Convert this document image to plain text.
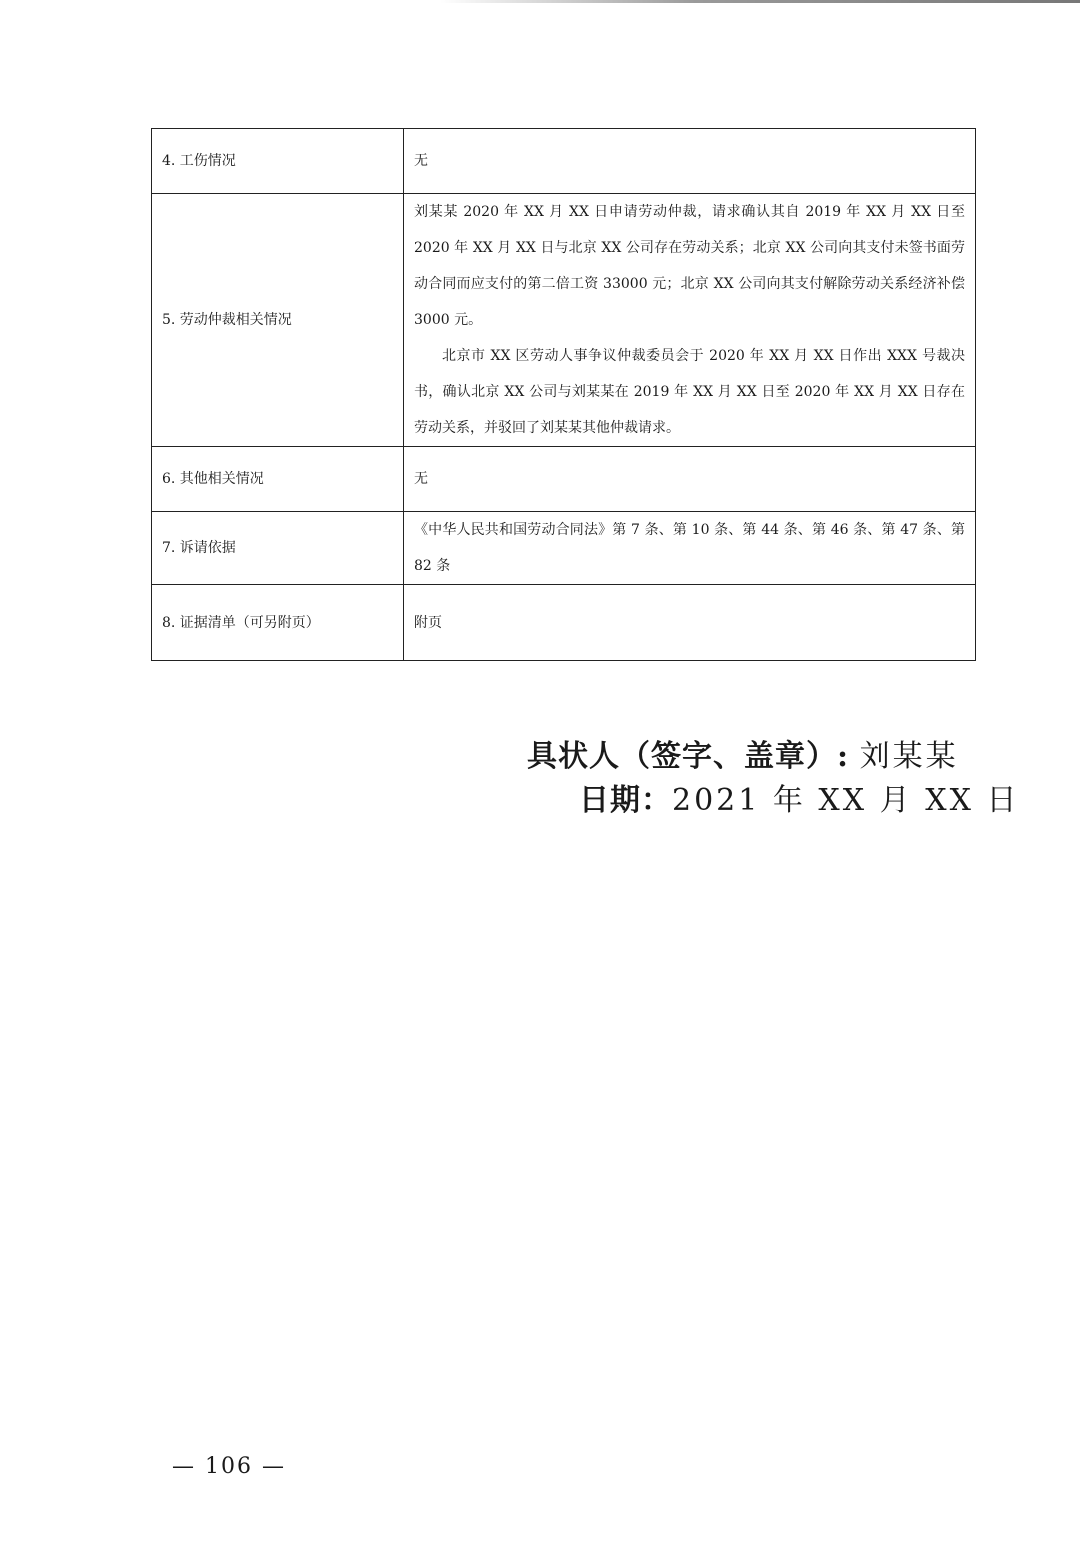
4. 工伤情况	无

5. 劳动仲裁相关情况	刘某某 2020 年 XX 月 XX 日申请劳动仲裁，请求确认其自 2019 年 XX 月 XX 日至 2020 年 XX 月 XX 日与北京 XX 公司存在劳动关系；北京 XX 公司向其支付未签书面劳动合同而应支付的第二倍工资 33000 元；北京 XX 公司向其支付解除劳动关系经济补偿 3000 元。

北京市 XX 区劳动人事争议仲裁委员会于 2020 年 XX 月 XX 日作出 XXX 号裁决书，确认北京 XX 公司与刘某某在 2019 年 XX 月 XX 日至 2020 年 XX 月 XX 日存在劳动关系，并驳回了刘某某其他仲裁请求。

6. 其他相关情况	无

7. 诉请依据	《中华人民共和国劳动合同法》第 7 条、第 10 条、第 44 条、第 46 条、第 47 条、第 82 条

8. 证据清单（可另附页）	附页

具状人（签字、盖章）: 刘某某
日期：2021 年 XX 月 XX 日
— 106 —
